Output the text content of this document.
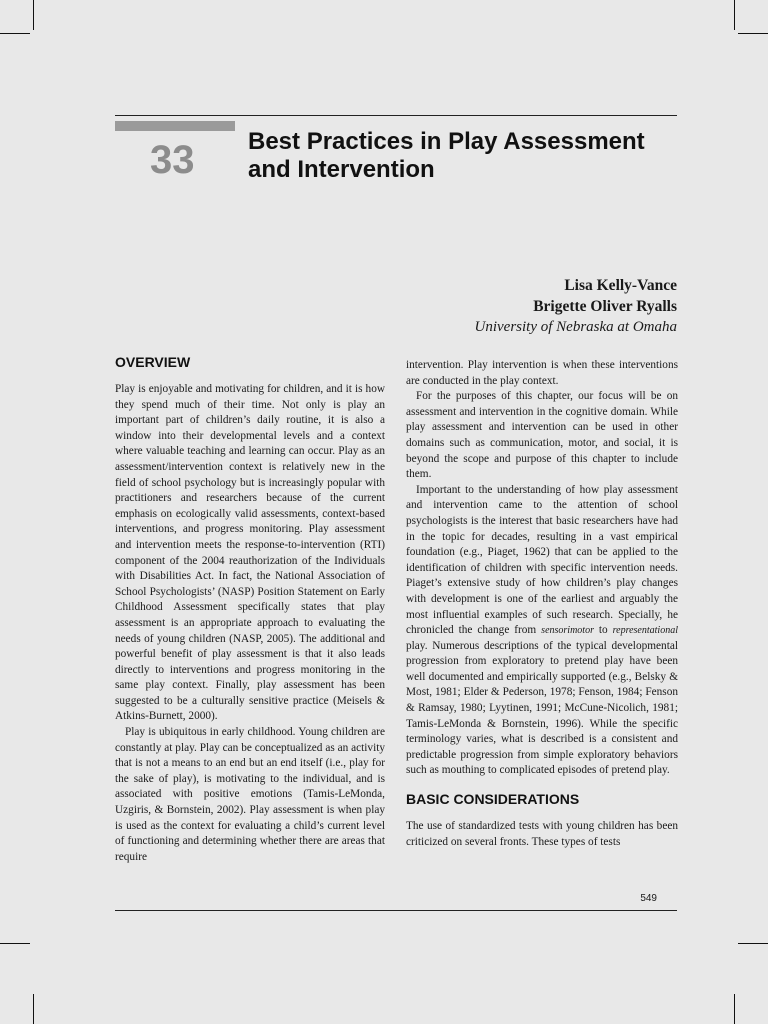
33	Best Practices in Play Assessment
and Intervention
Lisa Kelly-Vance
Brigette Oliver Ryalls
University of Nebraska at Omaha
OVERVIEW

Play is enjoyable and motivating for children, and it is how they spend much of their time. Not only is play an important part of children’s daily routine, it is also a window into their developmental levels and a context where valuable teaching and learning can occur. Play as an assessment/intervention context is relatively new in the field of school psychology but is increasingly popular with practitioners and researchers because of the current emphasis on ecologically valid assessments, context-based interventions, and progress monitoring. Play assessment and intervention meets the response-to-intervention (RTI) component of the 2004 reauthorization of the Individuals with Disabilities Act. In fact, the National Association of School Psychologists’ (NASP) Position Statement on Early Childhood Assessment specifically states that play assessment is an appropriate approach to evaluating the needs of young children (NASP, 2005). The additional and powerful benefit of play assessment is that it also leads directly to interventions and progress monitoring in the same play context. Finally, play assessment has been suggested to be a culturally sensitive practice (Meisels & Atkins-Burnett, 2000).

Play is ubiquitous in early childhood. Young children are constantly at play. Play can be conceptualized as an activity that is not a means to an end but an end itself (i.e., play for the sake of play), is motivating to the individual, and is associated with positive emotions (Tamis-LeMonda, Uzgiris, & Bornstein, 2002). Play assessment is when play is used as the context for evaluating a child’s current level of functioning and determining whether there are areas that require

intervention. Play intervention is when these interventions are conducted in the play context.

For the purposes of this chapter, our focus will be on assessment and intervention in the cognitive domain. While play assessment and intervention can be used in other domains such as communication, motor, and social, it is beyond the scope and purpose of this chapter to include them.

Important to the understanding of how play assessment and intervention came to the attention of school psychologists is the interest that basic researchers have had in the topic for decades, resulting in a vast empirical foundation (e.g., Piaget, 1962) that can be applied to the identification of children with specific intervention needs. Piaget’s extensive study of how children’s play changes with development is one of the earliest and arguably the most influential examples of such research. Specially, he chronicled the change from sensorimotor to representational play. Numerous descriptions of the typical developmental progression from exploratory to pretend play have been well documented and empirically supported (e.g., Belsky & Most, 1981; Elder & Pederson, 1978; Fenson, 1984; Fenson & Ramsay, 1980; Lyytinen, 1991; McCune-Nicolich, 1981; Tamis-LeMonda & Bornstein, 1996). While the specific terminology varies, what is described is a consistent and predictable progression from simple exploratory behaviors such as mouthing to complicated episodes of pretend play.

BASIC CONSIDERATIONS

The use of standardized tests with young children has been criticized on several fronts. These types of tests

549
